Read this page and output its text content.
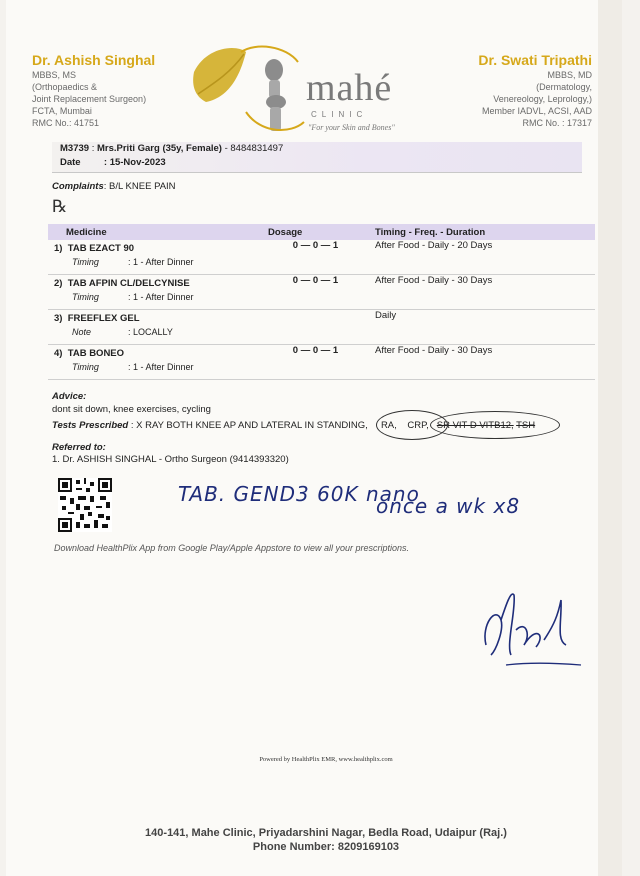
Dr. Ashish Singhal
MBBS, MS
(Orthopaedics &
Joint Replacement Surgeon)
FCTA, Mumbai
RMC No.: 41751
mahé
CLINIC
"For your Skin and Bones"
Dr. Swati Tripathi
MBBS, MD
(Dermatology,
Venereology, Leprology,)
Member IADVL, ACSI, AAD
RMC No. : 17317
M3739 : Mrs.Priti Garg (35y, Female) - 8484831497
Date  : 15-Nov-2023
Complaints: B/L KNEE PAIN
℞
Medicine	Dosage	Timing - Freq. - Duration

1) TAB EZACT 90
Timing : 1 - After Dinner	0 — 0 — 1	After Food - Daily - 20 Days

2) TAB AFPIN CL/DELCYNISE
Timing : 1 - After Dinner	0 — 0 — 1	After Food - Daily - 30 Days

3) FREEFLEX GEL
Note : LOCALLY		Daily

4) TAB BONEO
Timing : 1 - After Dinner	0 — 0 — 1	After Food - Daily - 30 Days
Advice:
dont sit down, knee exercises, cycling
Tests Prescribed : X RAY BOTH KNEE AP AND LATERAL IN STANDING, RA, CRP, SR VIT D VITB12, TSH
Referred to:
1. Dr. ASHISH SINGHAL - Ortho Surgeon (9414393320)
TAB. GEND3 60K nano
once a wk x8
Download HealthPlix App from Google Play/Apple Appstore to view all your prescriptions.
Powered by HealthPlix EMR, www.healthplix.com
140-141, Mahe Clinic, Priyadarshini Nagar, Bedla Road, Udaipur (Raj.)
Phone Number: 8209169103
